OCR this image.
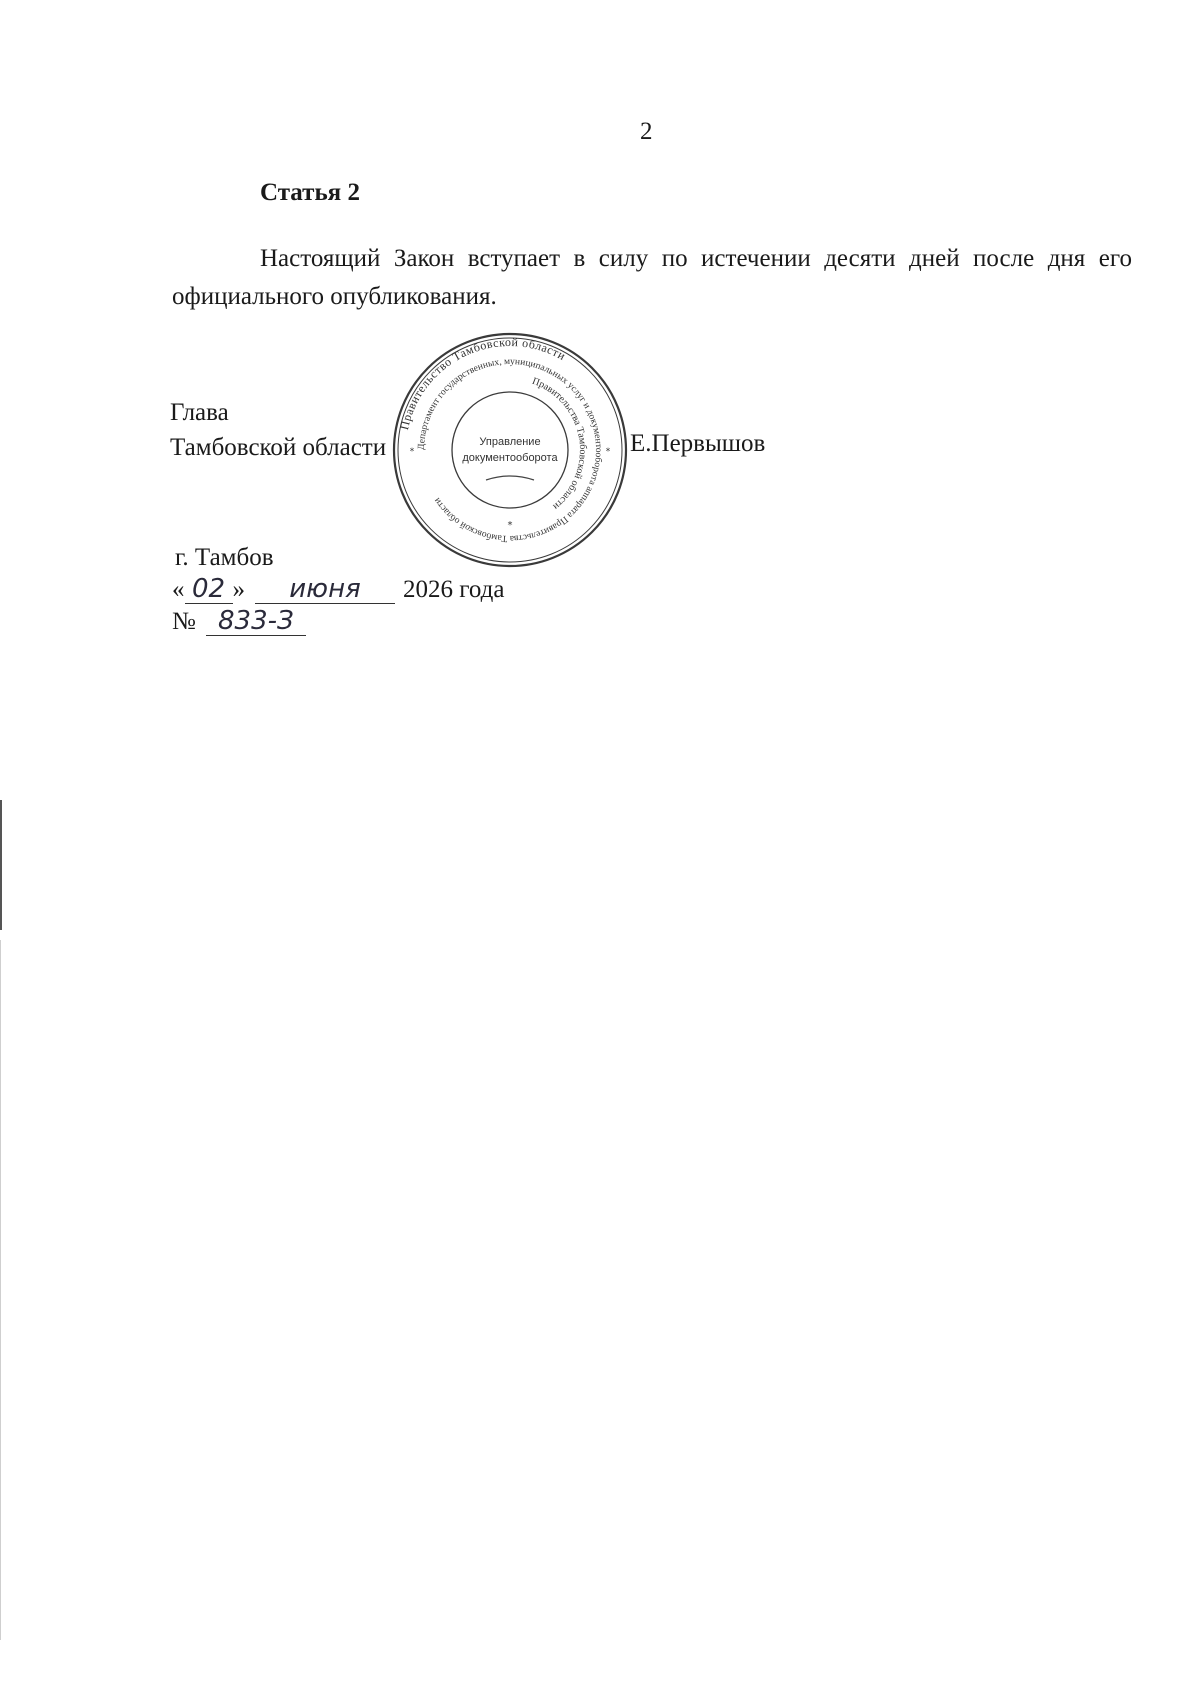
2
Статья 2
Настоящий Закон вступает в силу по истечении десяти дней после дня его официального опубликования.
Глава
Тамбовской области	Е.Первышов
Правительство Тамбовской области
Департамент государственных, муниципальных услуг и документооборота аппарата Правительства Тамбовской области
Правительства Тамбовской области
Управление
документооборота
*
*	*
г. Тамбов
« 02 » июня 2026 года
№ 833-З
